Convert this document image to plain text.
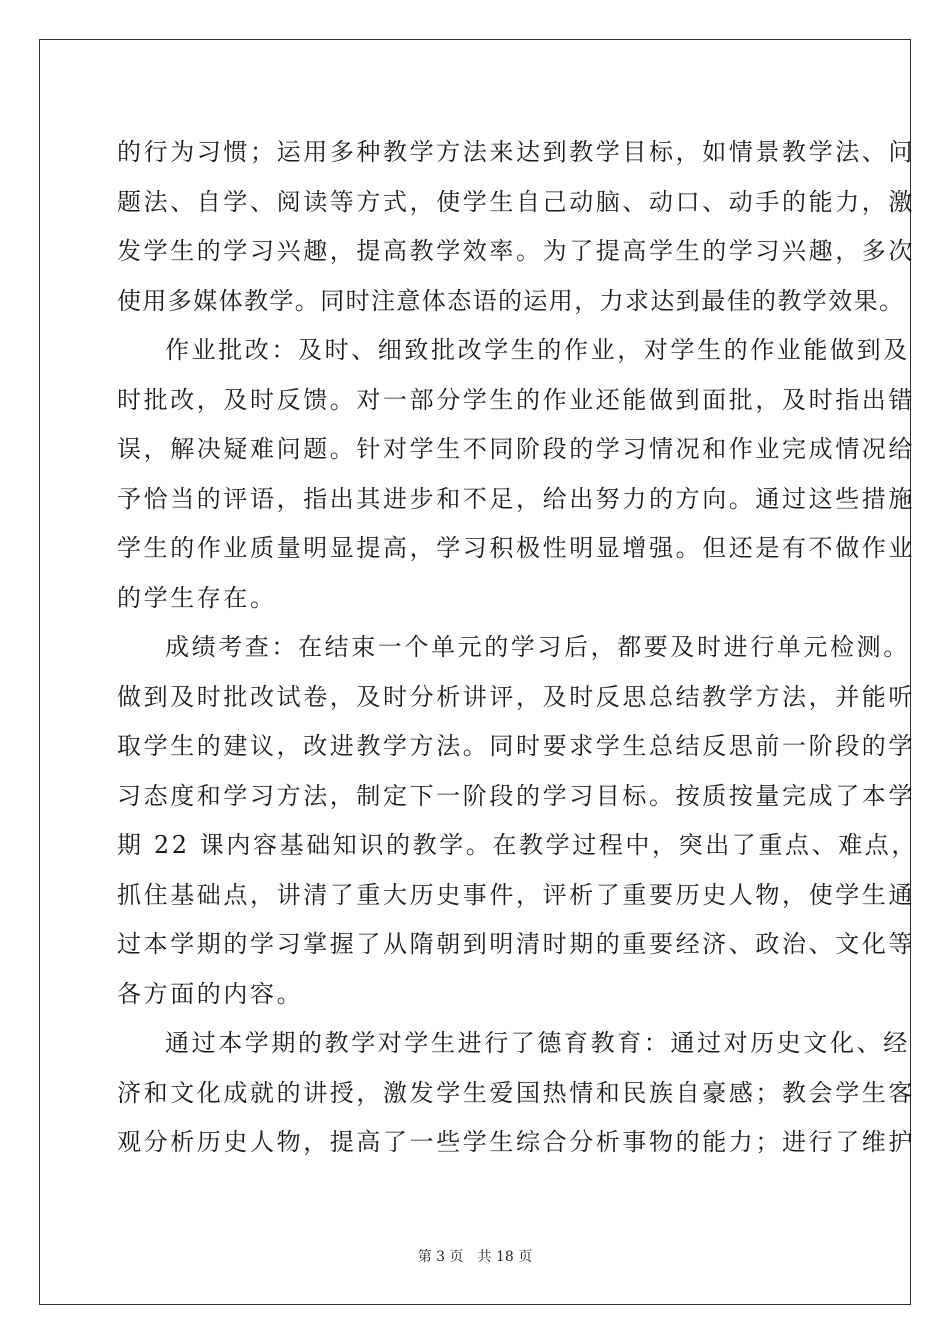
的行为习惯；运用多种教学方法来达到教学目标，如情景教学法、问
题法、自学、阅读等方式，使学生自己动脑、动口、动手的能力，激
发学生的学习兴趣，提高教学效率。为了提高学生的学习兴趣，多次
使用多媒体教学。同时注意体态语的运用，力求达到最佳的教学效果。
作业批改：及时、细致批改学生的作业，对学生的作业能做到及
时批改，及时反馈。对一部分学生的作业还能做到面批，及时指出错
误，解决疑难问题。针对学生不同阶段的学习情况和作业完成情况给
予恰当的评语，指出其进步和不足，给出努力的方向。通过这些措施
学生的作业质量明显提高，学习积极性明显增强。但还是有不做作业
的学生存在。
成绩考查：在结束一个单元的学习后，都要及时进行单元检测。
做到及时批改试卷，及时分析讲评，及时反思总结教学方法，并能听
取学生的建议，改进教学方法。同时要求学生总结反思前一阶段的学
习态度和学习方法，制定下一阶段的学习目标。按质按量完成了本学
期 22 课内容基础知识的教学。在教学过程中，突出了重点、难点，
抓住基础点，讲清了重大历史事件，评析了重要历史人物，使学生通
过本学期的学习掌握了从隋朝到明清时期的重要经济、政治、文化等
各方面的内容。
通过本学期的教学对学生进行了德育教育：通过对历史文化、经
济和文化成就的讲授，激发学生爱国热情和民族自豪感；教会学生客
观分析历史人物，提高了一些学生综合分析事物的能力；进行了维护
第 3 页 共 18 页
